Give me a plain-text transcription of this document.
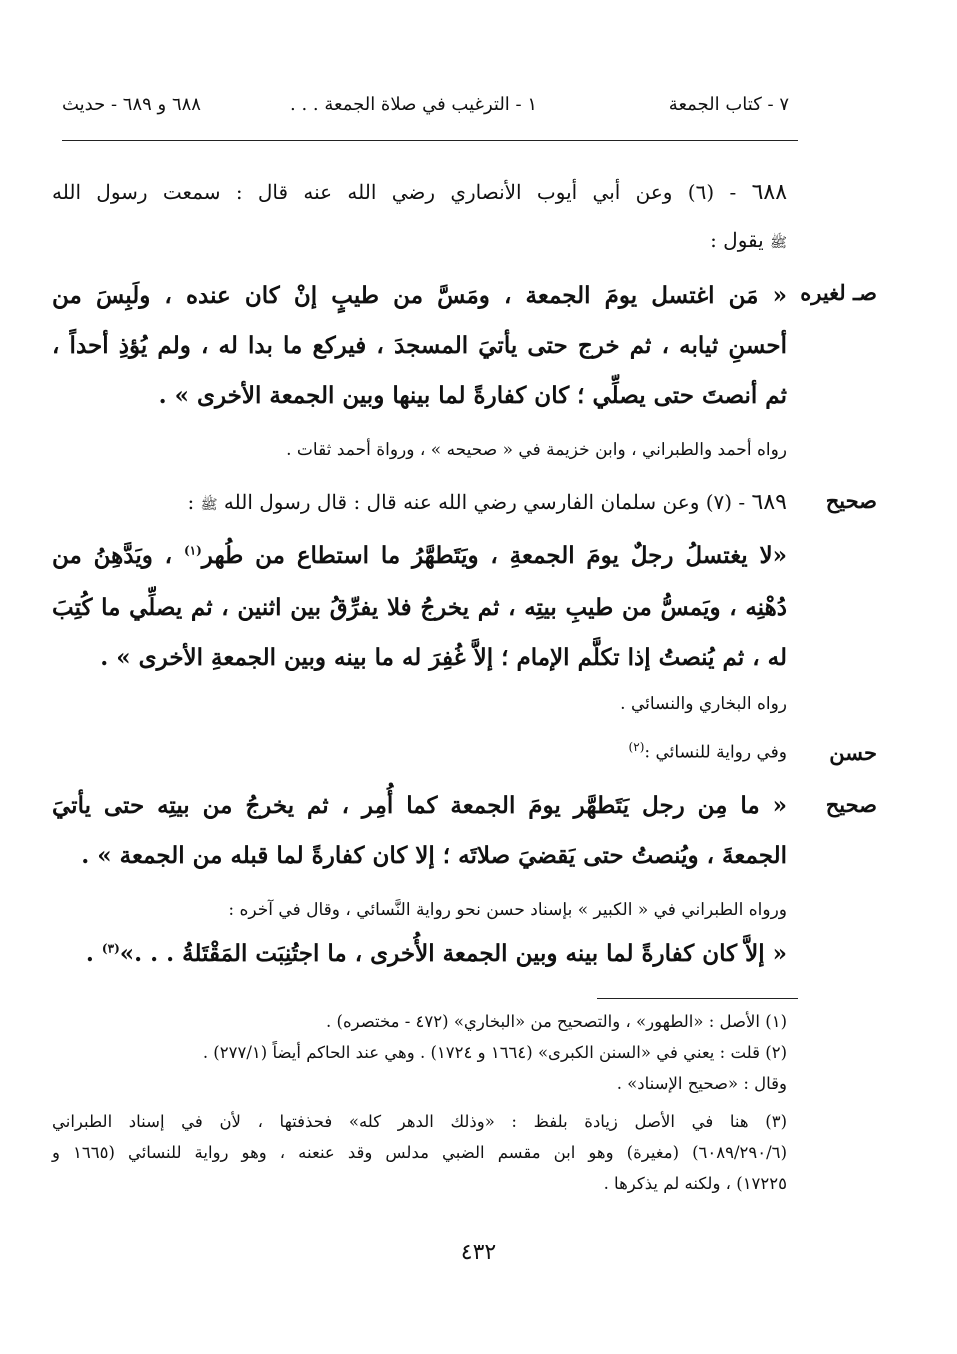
٧ - كتاب الجمعة
١ - الترغيب في صلاة الجمعة . . .
٦٨٨ و ٦٨٩ - حديث
٦٨٨ - (٦) وعن أبي أيوب الأنصاري رضي الله عنه قال : سمعت رسول الله
ﷺ يقول :
صـ لغيره
« مَن اغتسل يومَ الجمعة ، ومَسَّ من طيبٍ إنْ كان عنده ، ولَبِسَ من
أحسنِ ثيابه ، ثم خرج حتى يأتيَ المسجدَ ، فيركع ما بدا له ، ولم يُؤذِ أحداً ،
ثم أنصتَ حتى يصلِّي ؛ كان كفارةً لما بينها وبين الجمعة الأخرى » .
رواه أحمد والطبراني ، وابن خزيمة في « صحيحه » ، ورواة أحمد ثقات .
صحيح
٦٨٩ - (٧) وعن سلمان الفارسي رضي الله عنه قال : قال رسول الله ﷺ :
«لا يغتسلُ رجلٌ يومَ الجمعةِ ، ويَتَطهَّرُ ما استطاع من طُهر$^{(١)}$ ، ويَدَّهِنُ من
دُهْنِه ، ويَمسُّ من طيبِ بيتِه ، ثم يخرجُ فلا يفرِّقُ بين اثنين ، ثم يصلِّي ما كُتِبَ
له ، ثم يُنصتُ إذا تكلَّم الإمام ؛ إلاَّ غُفِرَ له ما بينه وبين الجمعةِ الأخرى » .
رواه البخاري والنسائي .
حسن
وفي رواية للنسائي :$^{(٢)}$
صحيح
« ما مِن رجل يَتَطهَّر يومَ الجمعة كما أُمِر ، ثم يخرجُ من بيتِه حتى يأتيَ
الجمعةَ ، ويُنصتُ حتى يَقضيَ صلاتَه ؛ إلا كان كفارةً لما قبله من الجمعة » .
ورواه الطبراني في « الكبير » بإسناد حسن نحو رواية النَّسائي ، وقال في آخره :
« إلاَّ كان كفارةً لما بينه وبين الجمعة الأُخرى ، ما اجتُنِبَت المَقْتَلةُ . . .»$^{(٣)}$ .
(١) الأصل : «الطهور» ، والتصحيح من «البخاري» (٤٧٢ - مختصره) .
(٢) قلت : يعني في «السنن الكبرى» (١٦٦٤ و ١٧٢٤) . وهي عند الحاكم أيضاً (٢٧٧/١) .
وقال : «صحيح الإسناد» .
(٣) هنا في الأصل زيادة بلفظ : «وذلك الدهر كله» فحذفتها ، لأن في إسناد الطبراني
(٦٠٨٩/٢٩٠/٦) (مغيرة) وهو ابن مقسم الضبي مدلس وقد عنعنه ، وهو رواية للنسائي (١٦٦٥ و
١٧٢٢٥) ، ولكنه لم يذكرها .
٤٣٢
